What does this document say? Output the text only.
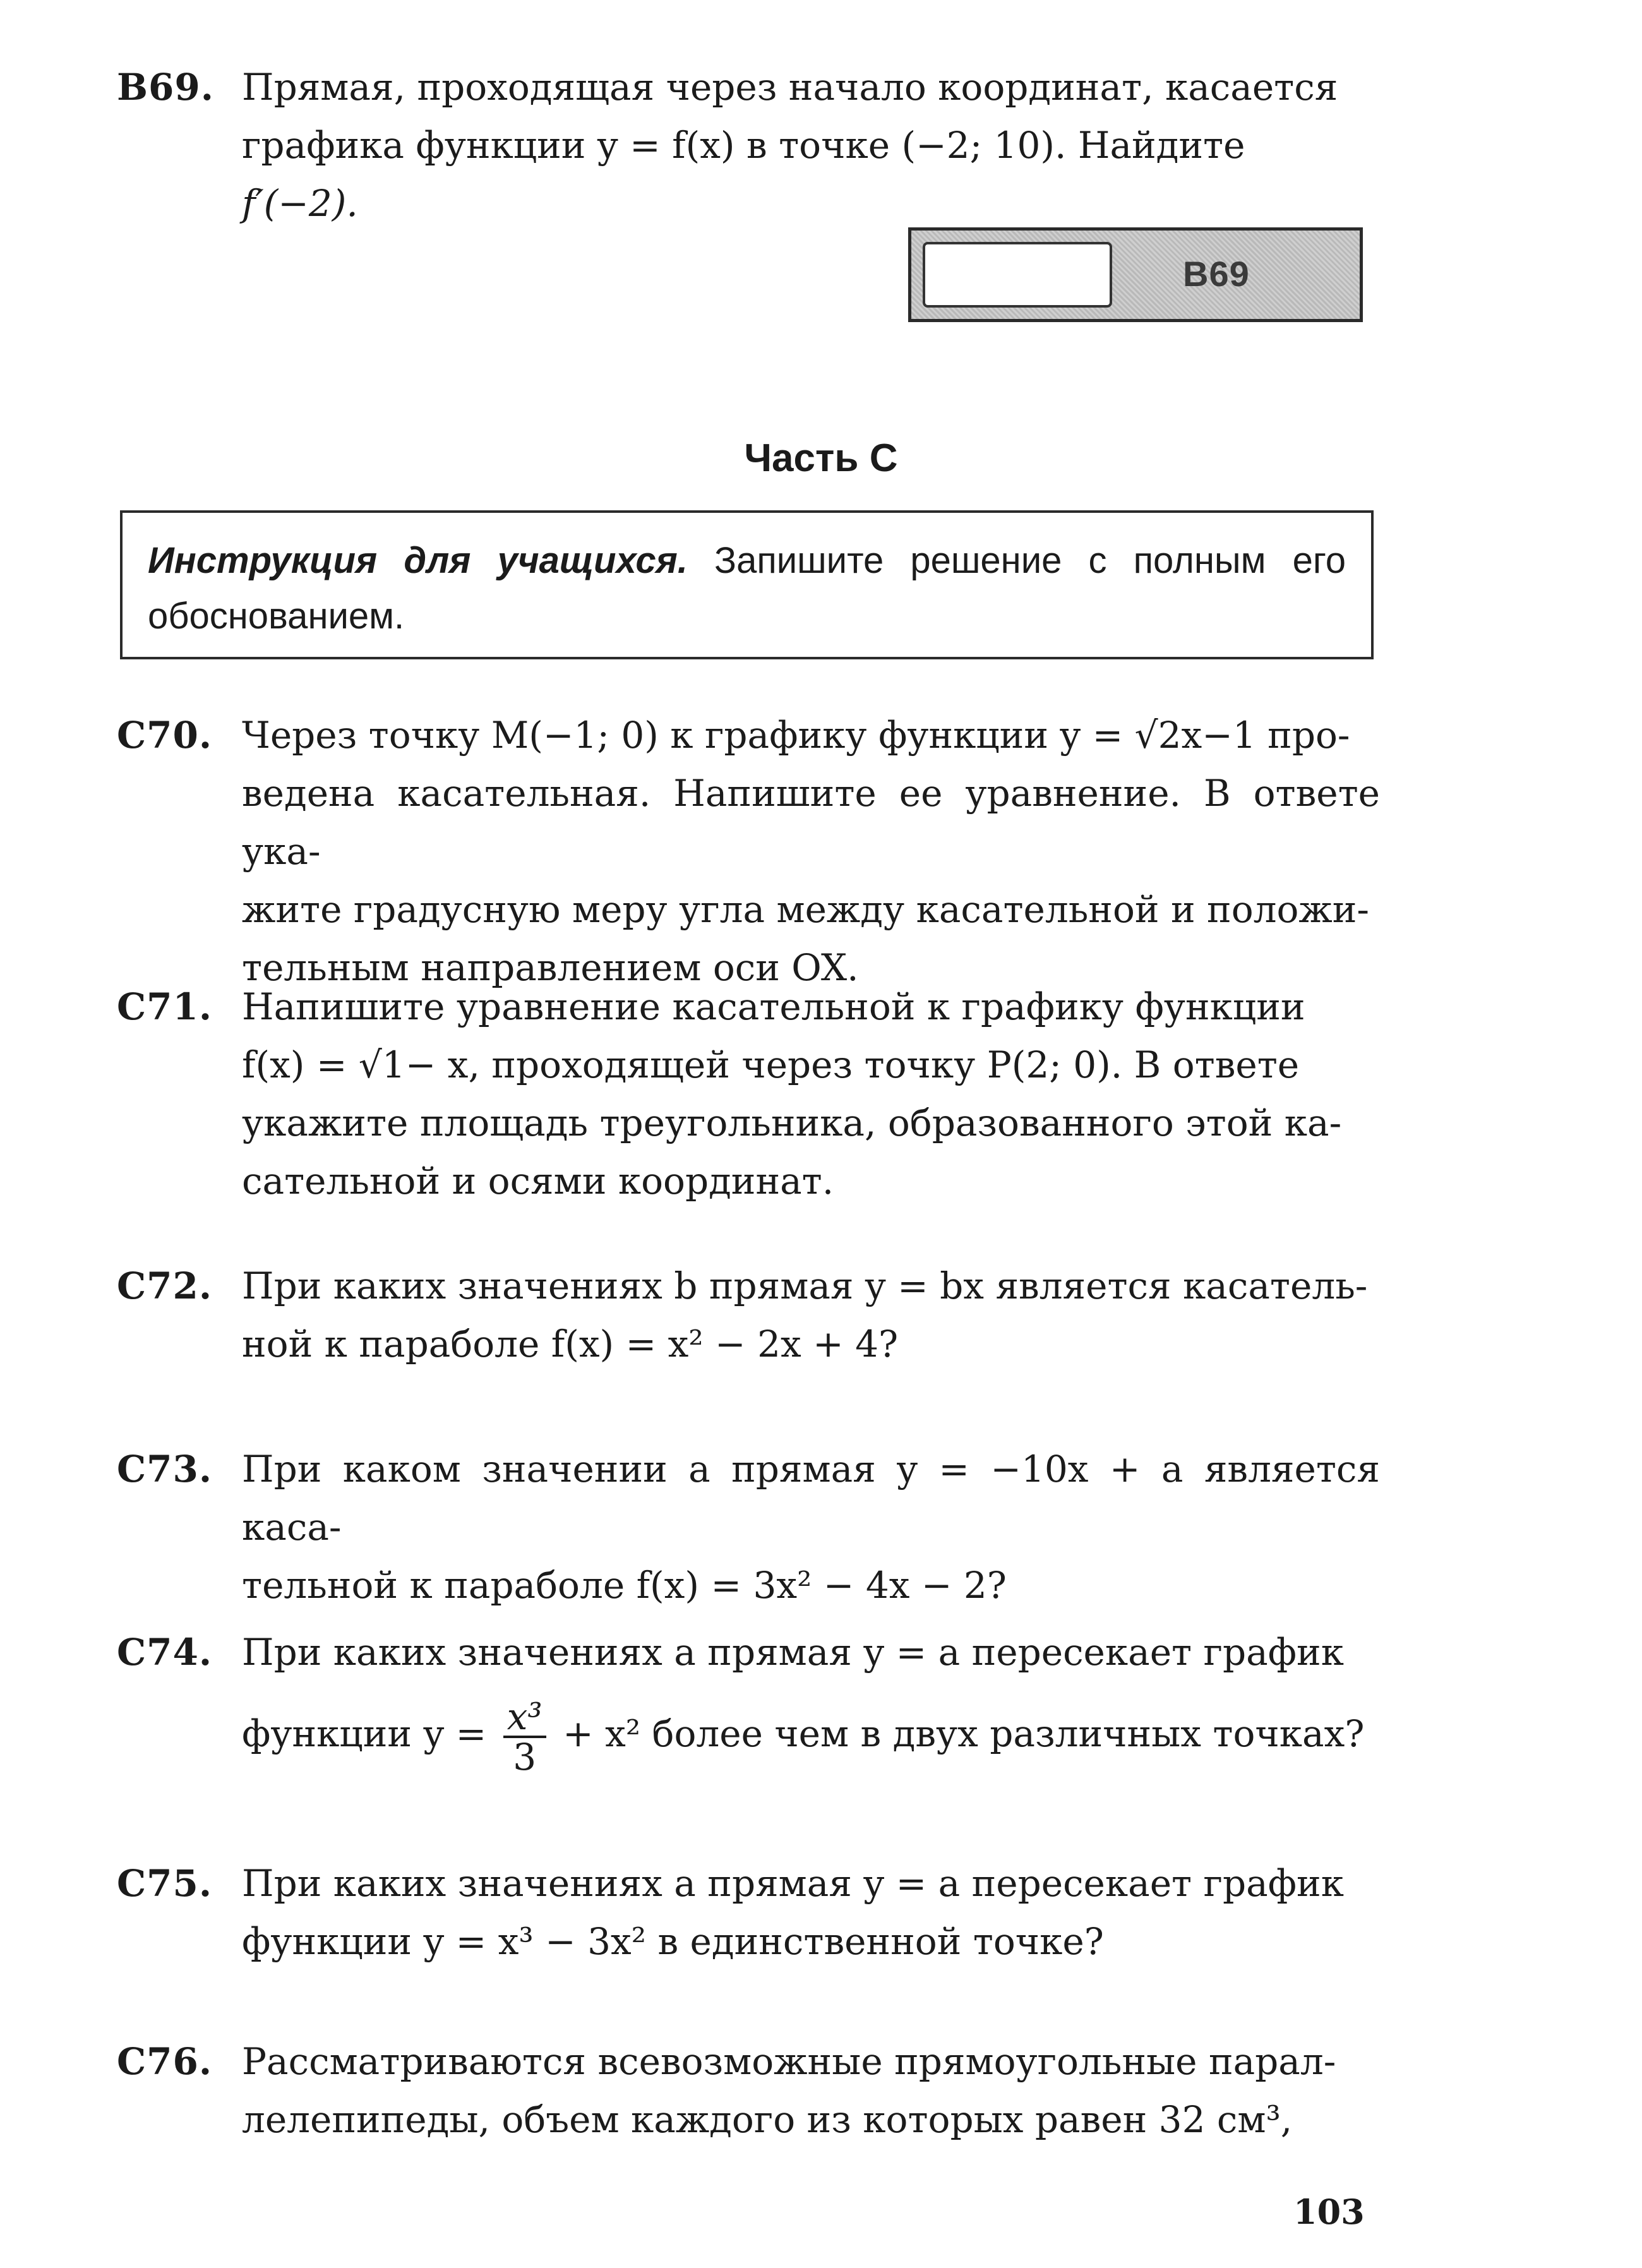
B69. Прямая, проходящая через начало координат, касается
графика функции y = f(x) в точке (−2; 10). Найдите
f′(−2).
B69
Часть С
Инструкция для учащихся. Запишите решение с полным его обоснованием.
C70. Через точку M(−1; 0) к графику функции y = √2x−1 про-
ведена касательная. Напишите ее уравнение. В ответе ука-
жите градусную меру угла между касательной и положи-
тельным направлением оси OX.
C71. Напишите уравнение касательной к графику функции
f(x) = √1− x, проходящей через точку P(2; 0). В ответе
укажите площадь треугольника, образованного этой ка-
сательной и осями координат.
C72. При каких значениях b прямая y = bx является касатель-
ной к параболе f(x) = x² − 2x + 4?
C73. При каком значении a прямая y = −10x + a является каса-
тельной к параболе f(x) = 3x² − 4x − 2?
C74. При каких значениях a прямая y = a пересекает график
функции $y = \frac{\text{x³}}{3} + x^2$ более чем в двух различных точках?
C75. При каких значениях a прямая y = a пересекает график
функции y = x³ − 3x² в единственной точке?
C76. Рассматриваются всевозможные прямоугольные парал-
лелепипеды, объем каждого из которых равен 32 см³,
103
